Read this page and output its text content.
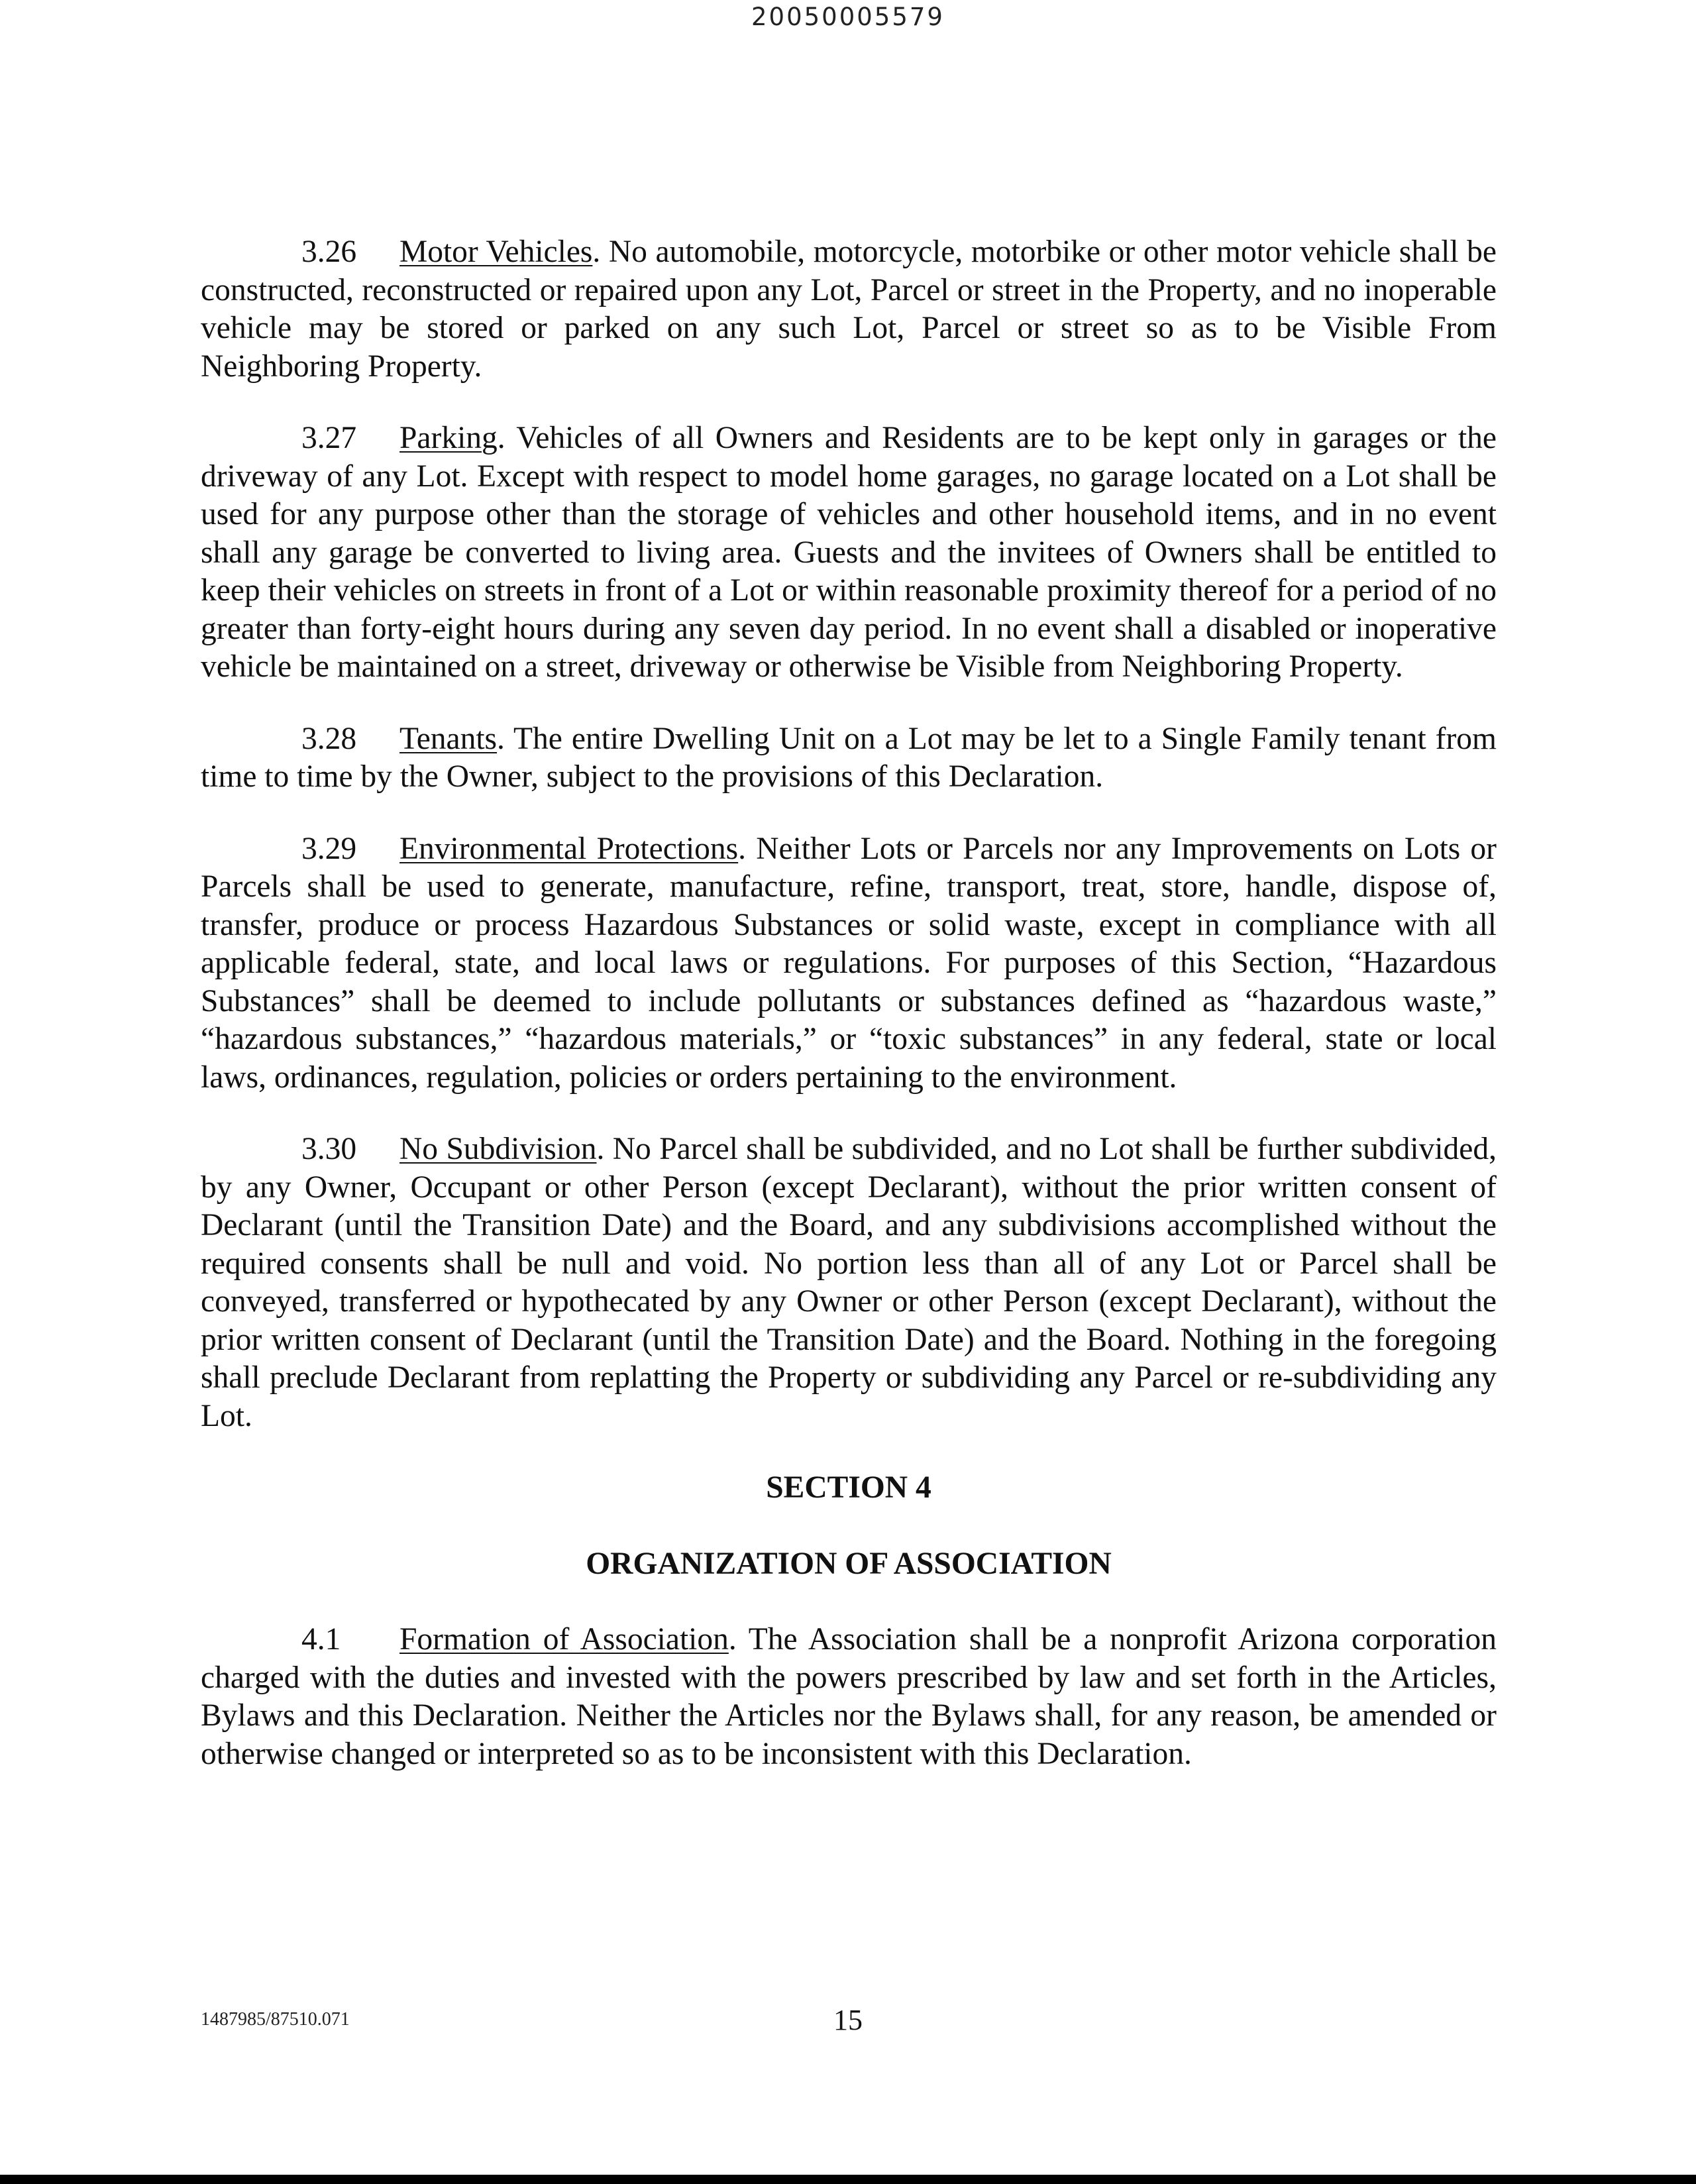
20050005579

3.26 Motor Vehicles. No automobile, motorcycle, motorbike or other motor vehicle shall be constructed, reconstructed or repaired upon any Lot, Parcel or street in the Property, and no inoperable vehicle may be stored or parked on any such Lot, Parcel or street so as to be Visible From Neighboring Property.

3.27 Parking. Vehicles of all Owners and Residents are to be kept only in garages or the driveway of any Lot. Except with respect to model home garages, no garage located on a Lot shall be used for any purpose other than the storage of vehicles and other household items, and in no event shall any garage be converted to living area. Guests and the invitees of Owners shall be entitled to keep their vehicles on streets in front of a Lot or within reasonable proximity thereof for a period of no greater than forty-eight hours during any seven day period. In no event shall a disabled or inoperative vehicle be maintained on a street, driveway or otherwise be Visible from Neighboring Property.

3.28 Tenants. The entire Dwelling Unit on a Lot may be let to a Single Family tenant from time to time by the Owner, subject to the provisions of this Declaration.

3.29 Environmental Protections. Neither Lots or Parcels nor any Improvements on Lots or Parcels shall be used to generate, manufacture, refine, transport, treat, store, handle, dispose of, transfer, produce or process Hazardous Substances or solid waste, except in compliance with all applicable federal, state, and local laws or regulations. For purposes of this Section, “Hazardous Substances” shall be deemed to include pollutants or substances defined as “hazardous waste,” “hazardous substances,” “hazardous materials,” or “toxic substances” in any federal, state or local laws, ordinances, regulation, policies or orders pertaining to the environment.

3.30 No Subdivision. No Parcel shall be subdivided, and no Lot shall be further subdivided, by any Owner, Occupant or other Person (except Declarant), without the prior written consent of Declarant (until the Transition Date) and the Board, and any subdivisions accomplished without the required consents shall be null and void. No portion less than all of any Lot or Parcel shall be conveyed, transferred or hypothecated by any Owner or other Person (except Declarant), without the prior written consent of Declarant (until the Transition Date) and the Board. Nothing in the foregoing shall preclude Declarant from replatting the Property or subdividing any Parcel or re-subdividing any Lot.

SECTION 4

ORGANIZATION OF ASSOCIATION

4.1 Formation of Association. The Association shall be a nonprofit Arizona corporation charged with the duties and invested with the powers prescribed by law and set forth in the Articles, Bylaws and this Declaration. Neither the Articles nor the Bylaws shall, for any reason, be amended or otherwise changed or interpreted so as to be inconsistent with this Declaration.

1487985/87510.071	15
